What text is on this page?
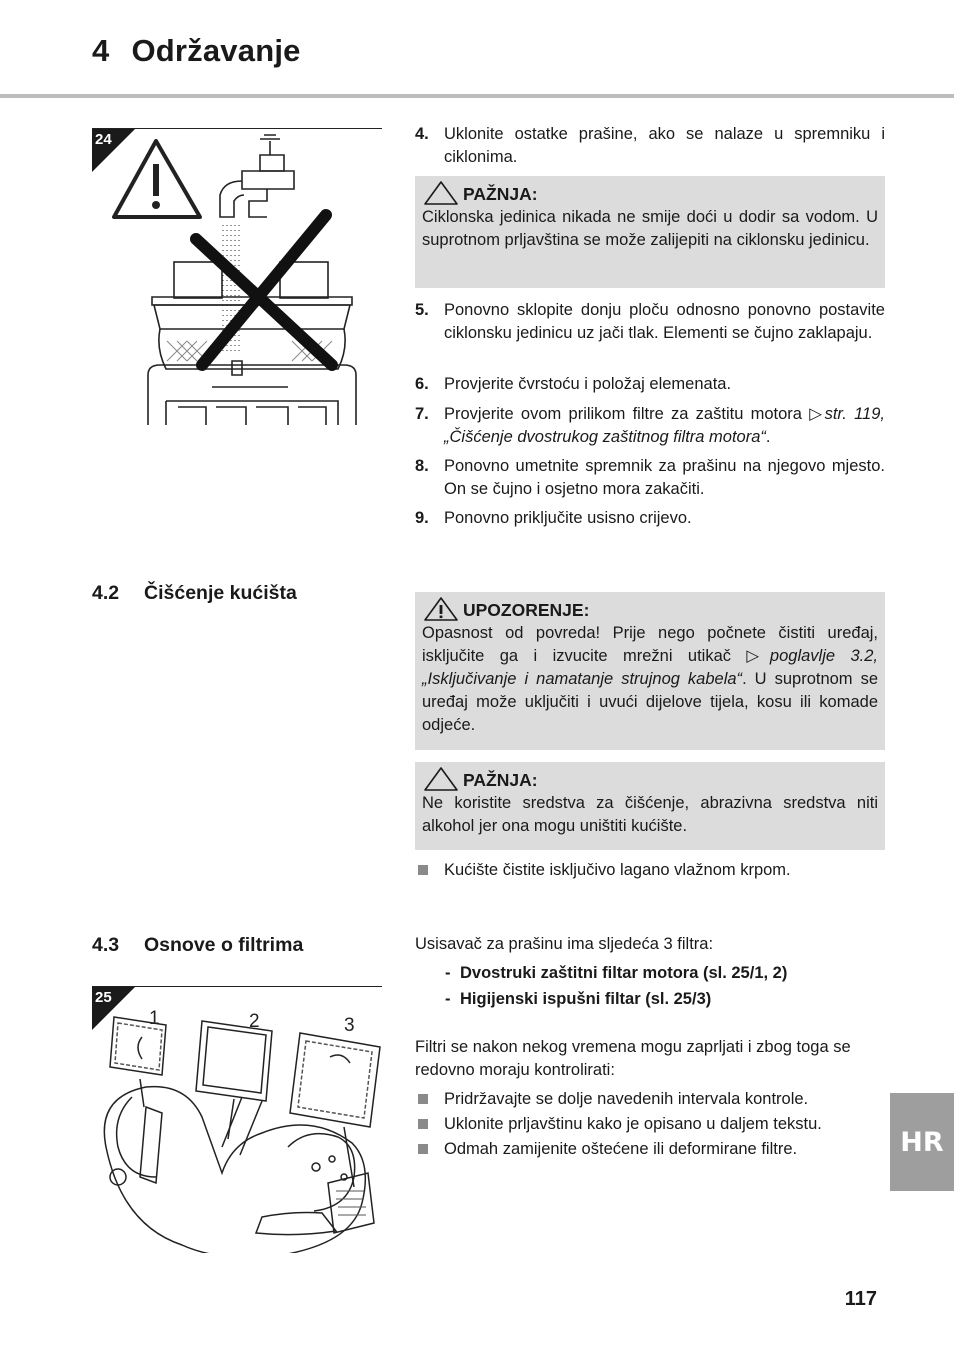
4 Održavanje
24	4. Uklonite ostatke prašine, ako se nalaze u spremniku i ciklonima.
PAŽNJA:
Ciklonska jedinica nikada ne smije doći u dodir sa vodom. U suprotnom prljavština se može zalijepiti na ciklonsku jedinicu.
5. Ponovno sklopite donju ploču odnosno ponovno postavite ciklonsku jedinicu uz jači tlak. Elementi se čujno zaklapaju.
6. Provjerite čvrstoću i položaj elemenata.
7. Provjerite ovom prilikom filtre za zaštitu motora ▷str. 119, „Čišćenje dvostrukog zaštitnog filtra motora“.
8. Ponovno umetnite spremnik za prašinu na njegovo mjesto. On se čujno i osjetno mora zakačiti.
9. Ponovno priključite usisno crijevo.
4.2 Čišćenje kućišta
UPOZORENJE:
Opasnost od povreda! Prije nego počnete čistiti uređaj, isključite ga i izvucite mrežni utikač ▷poglavlje 3.2, „Isključivanje i namatanje strujnog kabela“. U suprotnom se uređaj može uključiti i uvući dijelove tijela, kosu ili komade odjeće.
PAŽNJA:
Ne koristite sredstva za čišćenje, abrazivna sredstva niti alkohol jer ona mogu uništiti kućište.
Kućište čistite isključivo lagano vlažnom krpom.
4.3 Osnove o filtrima	Usisavač za prašinu ima sljedeća 3 filtra:
- Dvostruki zaštitni filtar motora (sl. 25/1, 2)
- Higijenski ispušni filtar (sl. 25/3)
Filtri se nakon nekog vremena mogu zaprljati i zbog toga se redovno moraju kontrolirati:
Pridržavajte se dolje navedenih intervala kontrole.
Uklonite prljavštinu kako je opisano u daljem tekstu.
Odmah zamijenite oštećene ili deformirane filtre.
1	2	3
25
HR
117
